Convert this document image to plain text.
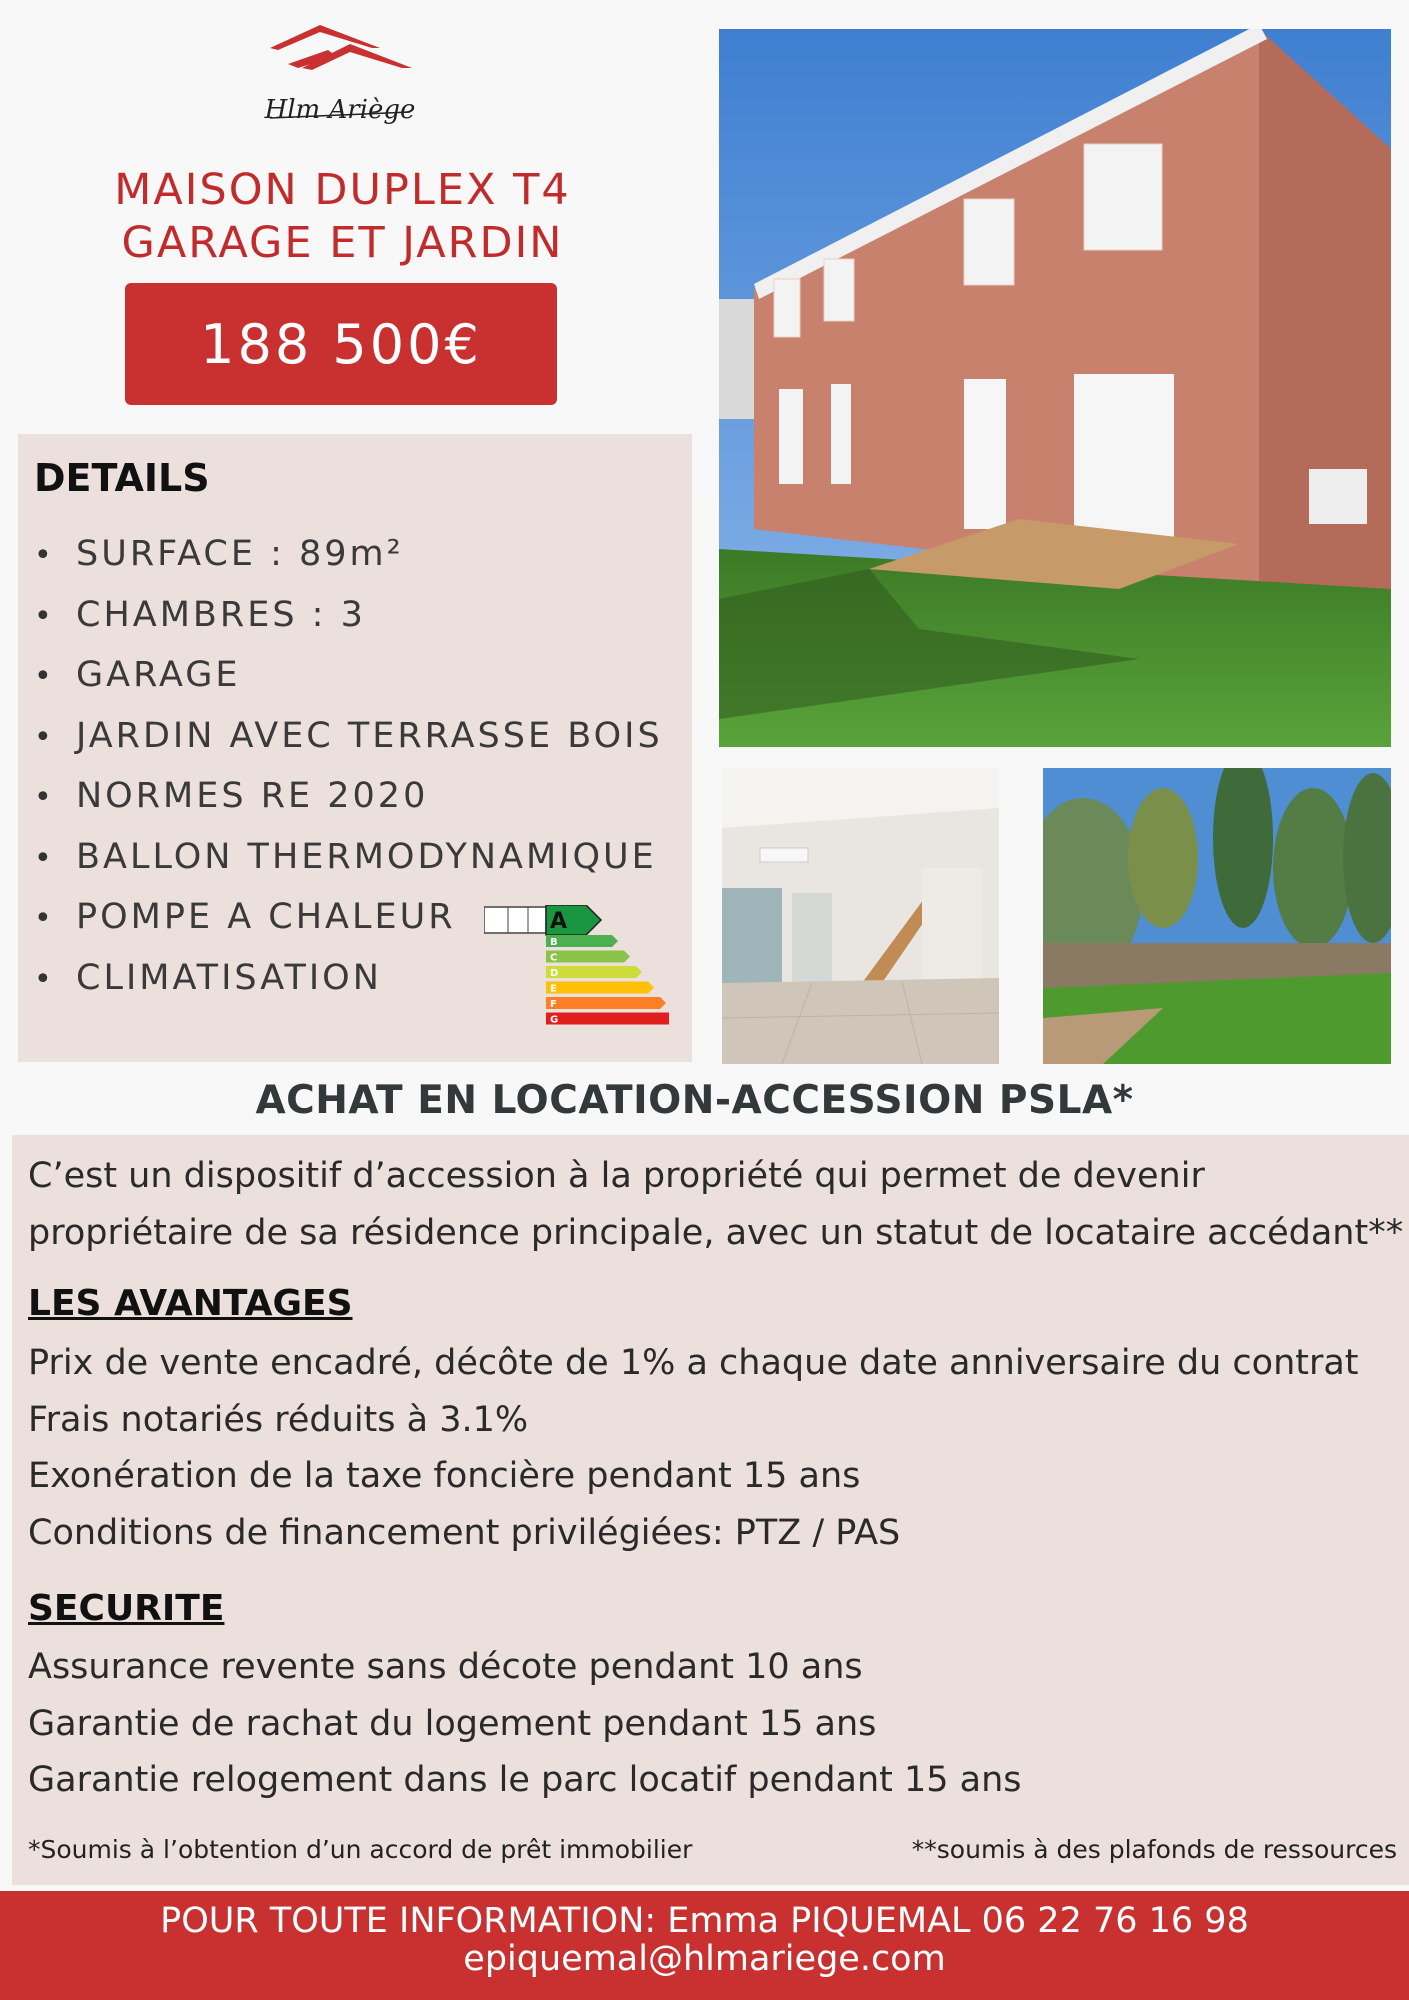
Hlm Ariège
MAISON DUPLEX T4
GARAGE ET JARDIN
188 500€
DETAILS
• SURFACE : 89m²
• CHAMBRES : 3
• GARAGE
• JARDIN AVEC TERRASSE BOIS
• NORMES RE 2020
• BALLON THERMODYNAMIQUE
• POMPE A CHALEUR
• CLIMATISATION
A
B
C
D
E
F
G
ACHAT EN LOCATION-ACCESSION PSLA*
C’est un dispositif d’accession à la propriété qui permet de devenir
propriétaire de sa résidence principale, avec un statut de locataire accédant**
LES AVANTAGES
Prix de vente encadré, décôte de 1% a chaque date anniversaire du contrat
Frais notariés réduits à 3.1%
Exonération de la taxe foncière pendant 15 ans
Conditions de financement privilégiées: PTZ / PAS
SECURITE
Assurance revente sans décote pendant 10 ans
Garantie de rachat du logement pendant 15 ans
Garantie relogement dans le parc locatif pendant 15 ans
*Soumis à l’obtention d’un accord de prêt immobilier	**soumis à des plafonds de ressources
POUR TOUTE INFORMATION: Emma PIQUEMAL 06 22 76 16 98
epiquemal@hlmariege.com
